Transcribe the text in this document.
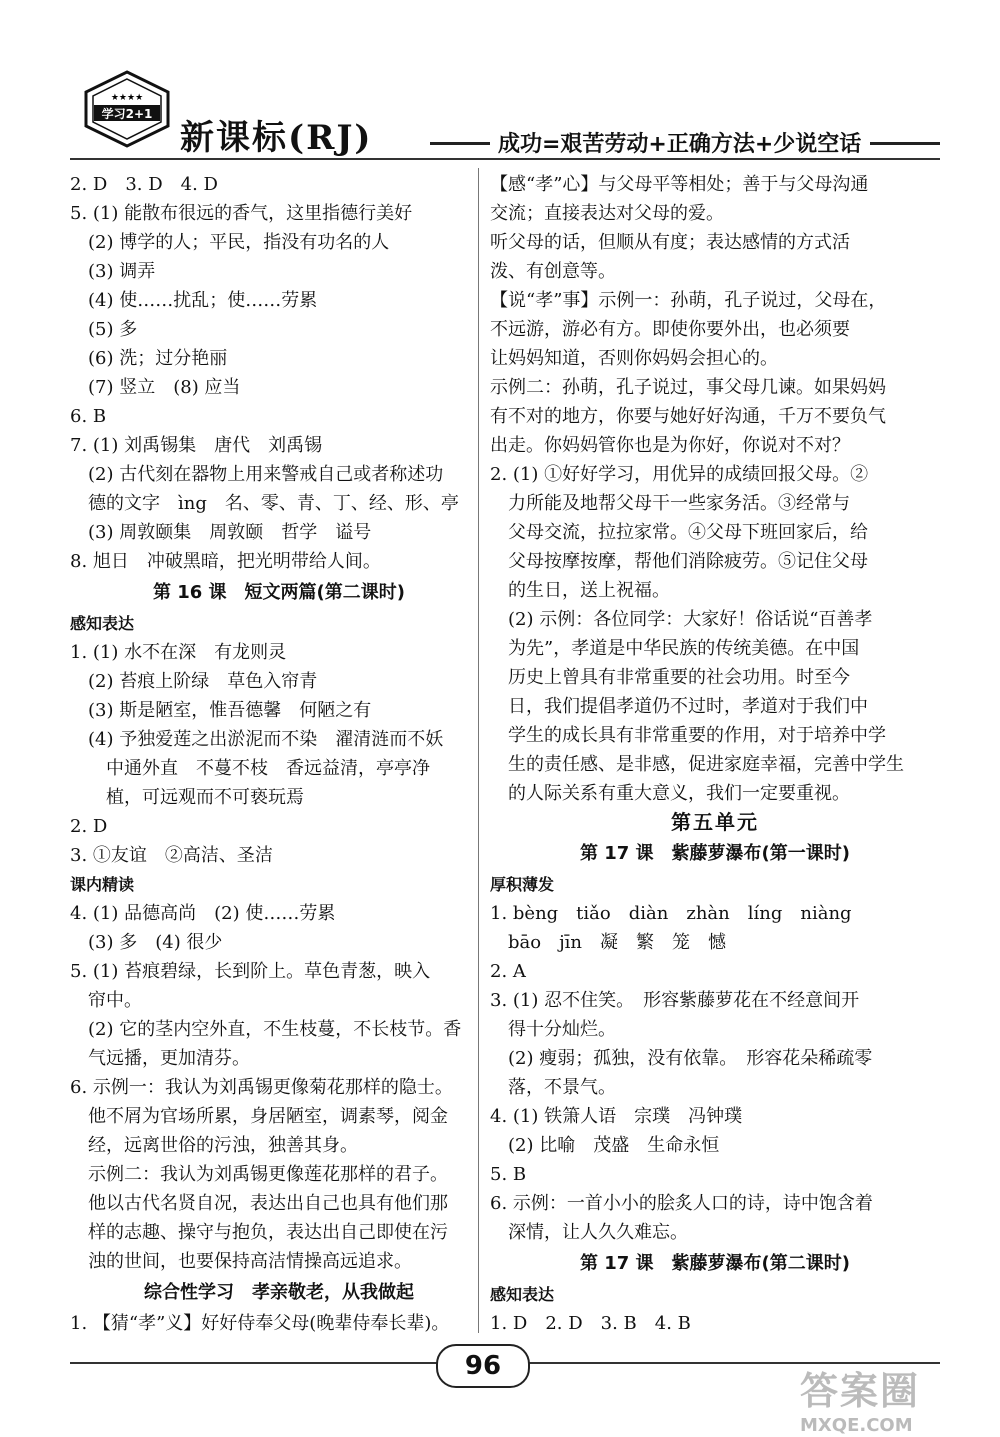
★★★★
学习2+1
新课标(RJ)	成功=艰苦劳动+正确方法+少说空话
2. D　3. D　4. D
5. (1) 能散布很远的香气，这里指德行美好
　(2) 博学的人；平民，指没有功名的人
　(3) 调弄
　(4) 使……扰乱；使……劳累
　(5) 多
　(6) 洗；过分艳丽
　(7) 竖立　(8) 应当
6. B
7. (1) 刘禹锡集　唐代　刘禹锡
　(2) 古代刻在器物上用来警戒自己或者称述功
　德的文字　ìng　名、零、青、丁、经、形、亭
　(3) 周敦颐集　周敦颐　哲学　谥号
8. 旭日　冲破黑暗，把光明带给人间。
第 16 课　短文两篇(第二课时)
感知表达
1. (1) 水不在深　有龙则灵
　(2) 苔痕上阶绿　草色入帘青
　(3) 斯是陋室，惟吾德馨　何陋之有
　(4) 予独爱莲之出淤泥而不染　濯清涟而不妖
　　中通外直　不蔓不枝　香远益清，亭亭净
　　植，可远观而不可亵玩焉
2. D
3. ①友谊　②高洁、圣洁
课内精读
4. (1) 品德高尚　(2) 使……劳累
　(3) 多　(4) 很少
5. (1) 苔痕碧绿，长到阶上。草色青葱，映入
　帘中。
　(2) 它的茎内空外直，不生枝蔓，不长枝节。香
　气远播，更加清芬。
6. 示例一：我认为刘禹锡更像菊花那样的隐士。
　他不屑为官场所累，身居陋室，调素琴，阅金
　经，远离世俗的污浊，独善其身。
　示例二：我认为刘禹锡更像莲花那样的君子。
　他以古代名贤自况，表达出自己也具有他们那
　样的志趣、操守与抱负，表达出自己即使在污
　浊的世间，也要保持高洁情操高远追求。
综合性学习　孝亲敬老，从我做起
1. 【猜“孝”义】好好侍奉父母(晚辈侍奉长辈)。
【感“孝”心】与父母平等相处；善于与父母沟通
交流；直接表达对父母的爱。
听父母的话，但顺从有度；表达感情的方式活
泼、有创意等。
【说“孝”事】示例一：孙萌，孔子说过，父母在，
不远游，游必有方。即使你要外出，也必须要
让妈妈知道，否则你妈妈会担心的。
示例二：孙萌，孔子说过，事父母几谏。如果妈妈
有不对的地方，你要与她好好沟通，千万不要负气
出走。你妈妈管你也是为你好，你说对不对？
2. (1) ①好好学习，用优异的成绩回报父母。②
　力所能及地帮父母干一些家务活。③经常与
　父母交流，拉拉家常。④父母下班回家后，给
　父母按摩按摩，帮他们消除疲劳。⑤记住父母
　的生日，送上祝福。
　(2) 示例：各位同学：大家好！俗话说“百善孝
　为先”，孝道是中华民族的传统美德。在中国
　历史上曾具有非常重要的社会功用。时至今
　日，我们提倡孝道仍不过时，孝道对于我们中
　学生的成长具有非常重要的作用，对于培养中学
　生的责任感、是非感，促进家庭幸福，完善中学生
　的人际关系有重大意义，我们一定要重视。
第五单元
第 17 课　紫藤萝瀑布(第一课时)
厚积薄发
1. bèng　tiǎo　diàn　zhàn　líng　niàng
　bāo　jīn　凝　繁　笼　憾
2. A
3. (1) 忍不住笑。　形容紫藤萝花在不经意间开
　得十分灿烂。
　(2) 瘦弱；孤独，没有依靠。　形容花朵稀疏零
　落，不景气。
4. (1) 铁箫人语　宗璞　冯钟璞
　(2) 比喻　茂盛　生命永恒
5. B
6. 示例：一首小小的脍炙人口的诗，诗中饱含着
　深情，让人久久难忘。
第 17 课　紫藤萝瀑布(第二课时)
感知表达
1. D　2. D　3. B　4. B
96
答案圈
MXQE.COM
